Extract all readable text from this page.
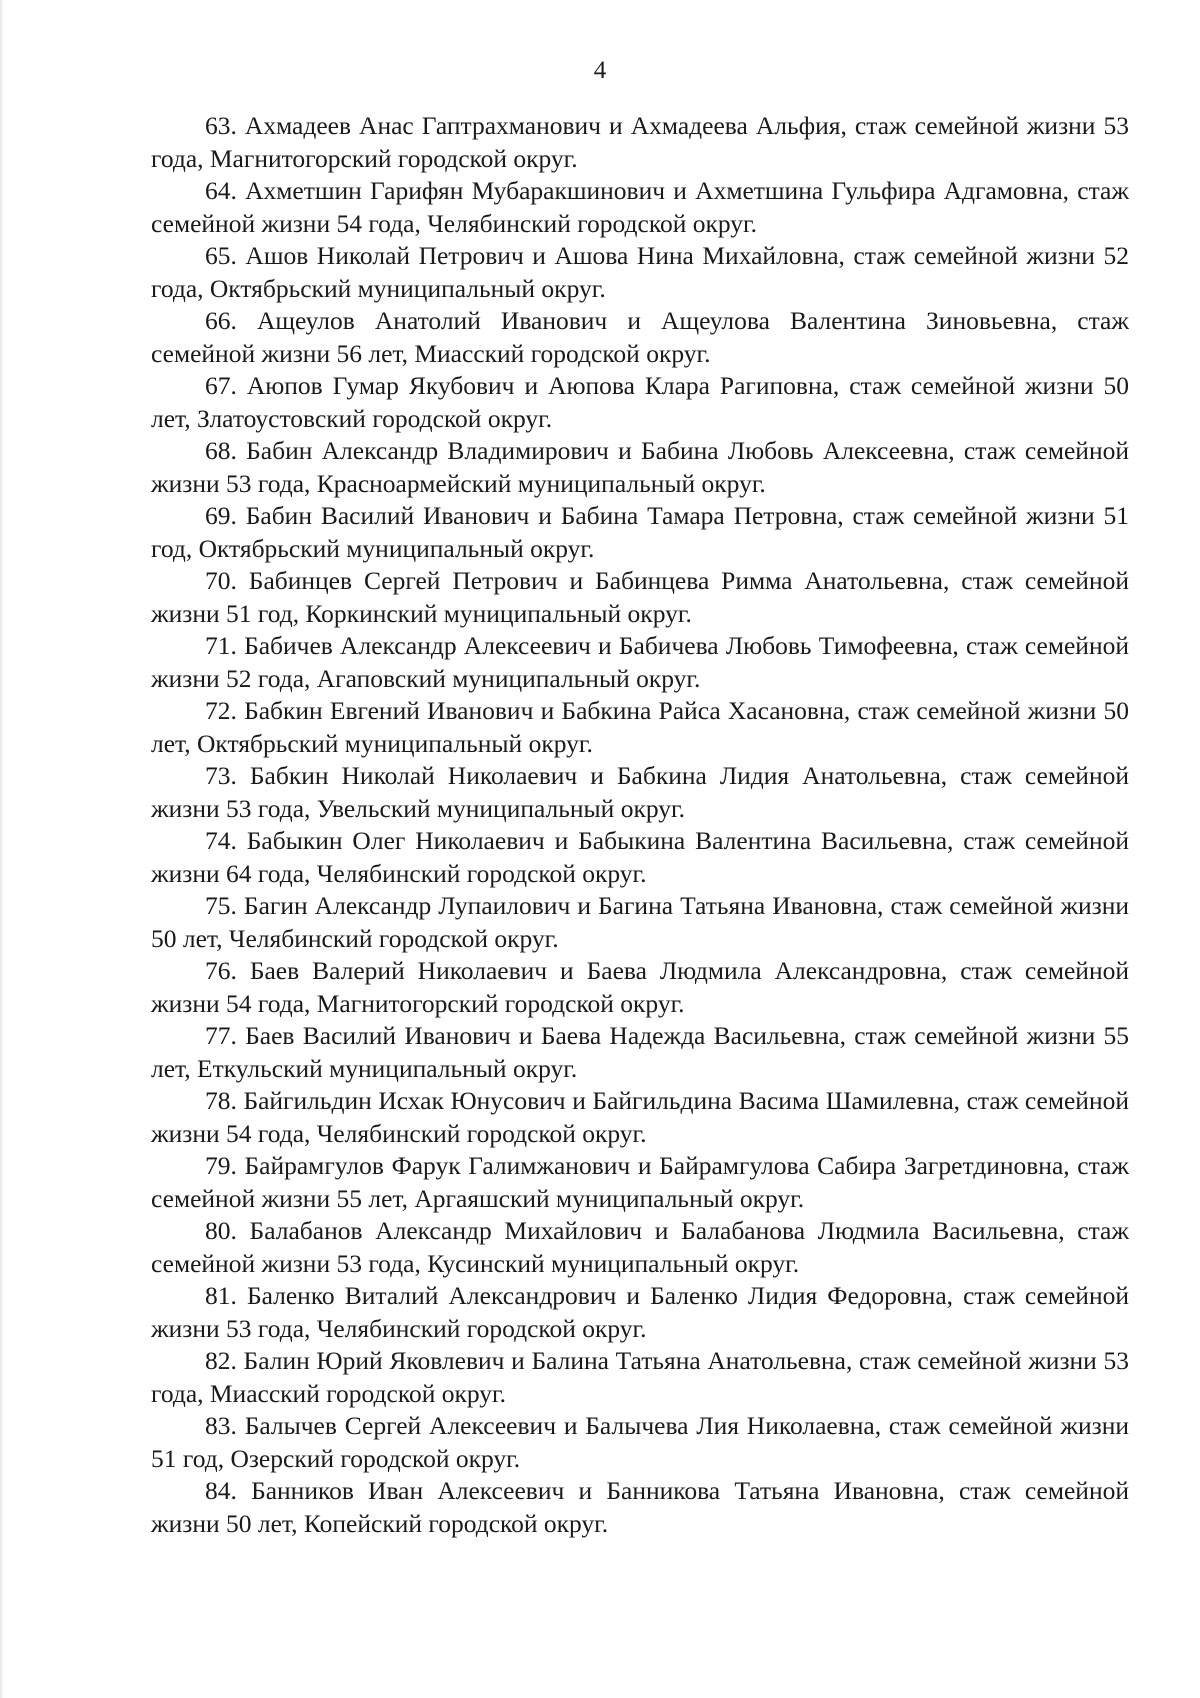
4

63. Ахмадеев Анас Гаптрахманович и Ахмадеева Альфия, стаж семейной жизни 53 года, Магнитогорский городской округ.
64. Ахметшин Гарифян Мубаракшинович и Ахметшина Гульфира Адгамовна, стаж семейной жизни 54 года, Челябинский городской округ.
65. Ашов Николай Петрович и Ашова Нина Михайловна, стаж семейной жизни 52 года, Октябрьский муниципальный округ.
66. Ащеулов Анатолий Иванович и Ащеулова Валентина Зиновьевна, стаж семейной жизни 56 лет, Миасский городской округ.
67. Аюпов Гумар Якубович и Аюпова Клара Рагиповна, стаж семейной жизни 50 лет, Златоустовский городской округ.
68. Бабин Александр Владимирович и Бабина Любовь Алексеевна, стаж семейной жизни 53 года, Красноармейский муниципальный округ.
69. Бабин Василий Иванович и Бабина Тамара Петровна, стаж семейной жизни 51 год, Октябрьский муниципальный округ.
70. Бабинцев Сергей Петрович и Бабинцева Римма Анатольевна, стаж семейной жизни 51 год, Коркинский муниципальный округ.
71. Бабичев Александр Алексеевич и Бабичева Любовь Тимофеевна, стаж семейной жизни 52 года, Агаповский муниципальный округ.
72. Бабкин Евгений Иванович и Бабкина Райса Хасановна, стаж семейной жизни 50 лет, Октябрьский муниципальный округ.
73. Бабкин Николай Николаевич и Бабкина Лидия Анатольевна, стаж семейной жизни 53 года, Увельский муниципальный округ.
74. Бабыкин Олег Николаевич и Бабыкина Валентина Васильевна, стаж семейной жизни 64 года, Челябинский городской округ.
75. Багин Александр Лупаилович и Багина Татьяна Ивановна, стаж семейной жизни 50 лет, Челябинский городской округ.
76. Баев Валерий Николаевич и Баева Людмила Александровна, стаж семейной жизни 54 года, Магнитогорский городской округ.
77. Баев Василий Иванович и Баева Надежда Васильевна, стаж семейной жизни 55 лет, Еткульский муниципальный округ.
78. Байгильдин Исхак Юнусович и Байгильдина Васима Шамилевна, стаж семейной жизни 54 года, Челябинский городской округ.
79. Байрамгулов Фарук Галимжанович и Байрамгулова Сабира Загретдиновна, стаж семейной жизни 55 лет, Аргаяшский муниципальный округ.
80. Балабанов Александр Михайлович и Балабанова Людмила Васильевна, стаж семейной жизни 53 года, Кусинский муниципальный округ.
81. Баленко Виталий Александрович и Баленко Лидия Федоровна, стаж семейной жизни 53 года, Челябинский городской округ.
82. Балин Юрий Яковлевич и Балина Татьяна Анатольевна, стаж семейной жизни 53 года, Миасский городской округ.
83. Балычев Сергей Алексеевич и Балычева Лия Николаевна, стаж семейной жизни 51 год, Озерский городской округ.
84. Банников Иван Алексеевич и Банникова Татьяна Ивановна, стаж семейной жизни 50 лет, Копейский городской округ.
